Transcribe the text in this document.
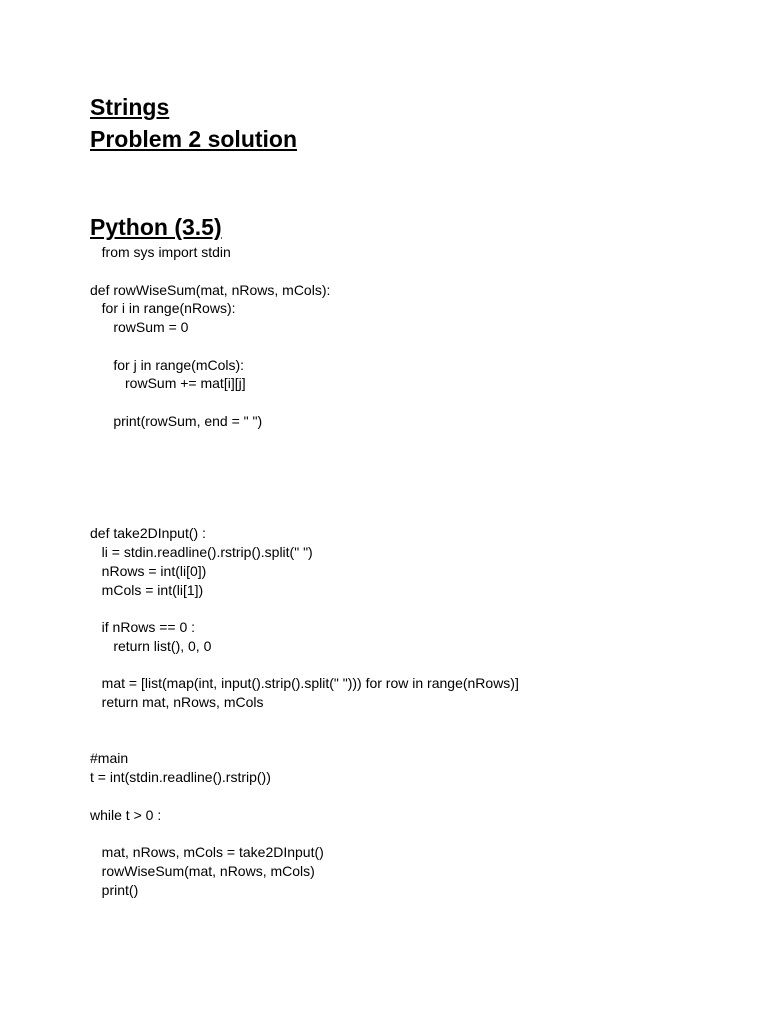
Strings
Problem 2 solution
Python (3.5)
from sys import stdin
def rowWiseSum(mat, nRows, mCols):
for i in range(nRows):
rowSum = 0
for j in range(mCols):
rowSum += mat[i][j]
print(rowSum, end = " ")
def take2DInput() :
li = stdin.readline().rstrip().split(" ")
nRows = int(li[0])
mCols = int(li[1])
if nRows == 0 :
return list(), 0, 0
mat = [list(map(int, input().strip().split(" "))) for row in range(nRows)]
return mat, nRows, mCols
#main
t = int(stdin.readline().rstrip())
while t > 0 :
mat, nRows, mCols = take2DInput()
rowWiseSum(mat, nRows, mCols)
print()
